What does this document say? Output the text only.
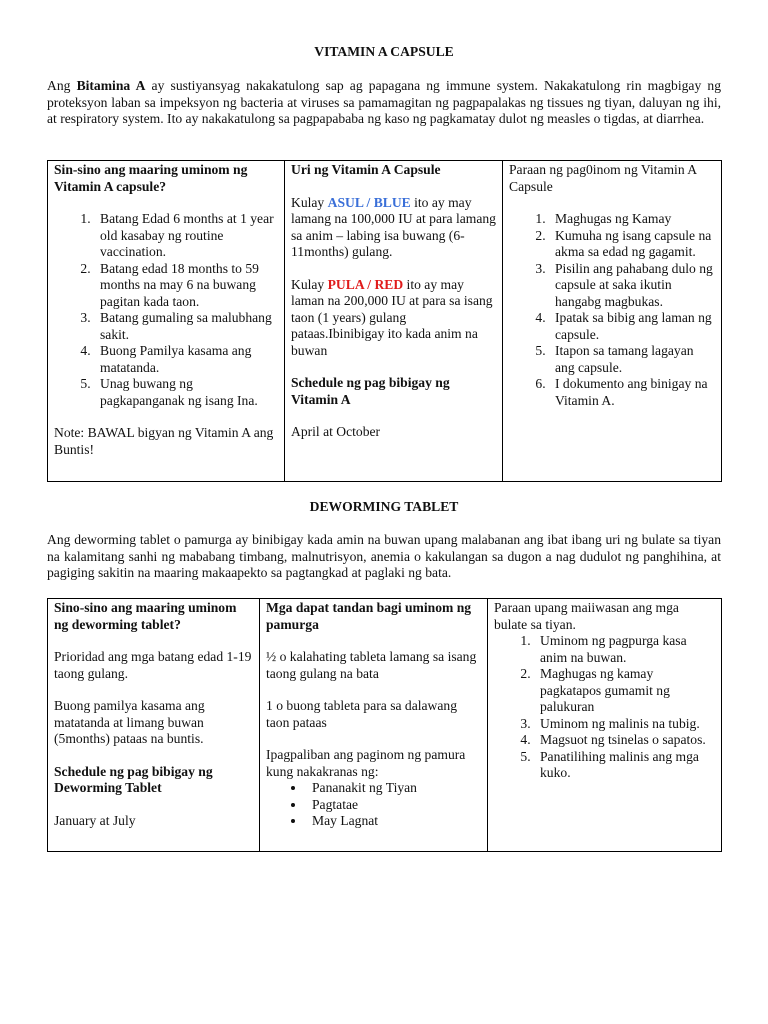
VITAMIN A CAPSULE
Ang Bitamina A ay sustiyansyag nakakatulong sap ag papagana ng immune system. Nakakatulong rin magbigay ng proteksyon laban sa impeksyon ng bacteria at viruses sa pamamagitan ng pagpapalakas ng tissues ng tiyan, daluyan ng ihi, at respiratory system. Ito ay nakakatulong sa pagpapababa ng kaso ng pagkamatay dulot ng measles o tigdas, at diarrhea.
Sin-sino ang maaring uminom ng Vitamin A capsule?
1. Batang Edad 6 months at 1 year old kasabay ng routine vaccination.
2. Batang edad 18 months to 59 months na may 6 na buwang pagitan kada taon.
3. Batang gumaling sa malubhang sakit.
4. Buong Pamilya kasama ang matatanda.
5. Unag buwang ng pagkapanganak ng isang Ina.
Note: BAWAL bigyan ng Vitamin A ang Buntis!

Uri ng Vitamin A Capsule
Kulay ASUL / BLUE ito ay may lamang na 100,000 IU at para lamang sa anim – labing isa buwang (6-11months) gulang.
Kulay PULA / RED ito ay may laman na 200,000 IU at para sa isang taon (1 years) gulang pataas.Ibinibigay ito kada anim na buwan
Schedule ng pag bibigay ng Vitamin A
April at October

Paraan ng pag0inom ng Vitamin A Capsule
1. Maghugas ng Kamay
2. Kumuha ng isang capsule na akma sa edad ng gagamit.
3. Pisilin ang pahabang dulo ng capsule at saka ikutin hangabg magbukas.
4. Ipatak sa bibig ang laman ng capsule.
5. Itapon sa tamang lagayan ang capsule.
6. I dokumento ang binigay na Vitamin A.
DEWORMING TABLET
Ang deworming tablet o pamurga ay binibigay kada amin na buwan upang malabanan ang ibat ibang uri ng bulate sa tiyan na kalamitang sanhi ng mababang timbang, malnutrisyon, anemia o kakulangan sa dugon a nag dudulot ng panghihina, at pagiging sakitin na maaring makaapekto sa pagtangkad at paglaki ng bata.
Sino-sino ang maaring uminom ng deworming tablet?
Prioridad ang mga batang edad 1-19 taong gulang.
Buong pamilya kasama ang matatanda at limang buwan (5months) pataas na buntis.
Schedule ng pag bibigay ng Deworming Tablet
January at July

Mga dapat tandan bagi uminom ng pamurga
½ o kalahating tableta lamang sa isang taong gulang na bata
1 o buong tableta para sa dalawang taon pataas
Ipagpaliban ang paginom ng pamura kung nakakranas ng:
• Pananakit ng Tiyan
• Pagtatae
• May Lagnat

Paraan upang maiiwasan ang mga bulate sa tiyan.
1. Uminom ng pagpurga kasa anim na buwan.
2. Maghugas ng kamay pagkatapos gumamit ng palukuran
3. Uminom ng malinis na tubig.
4. Magsuot ng tsinelas o sapatos.
5. Panatilihing malinis ang mga kuko.
